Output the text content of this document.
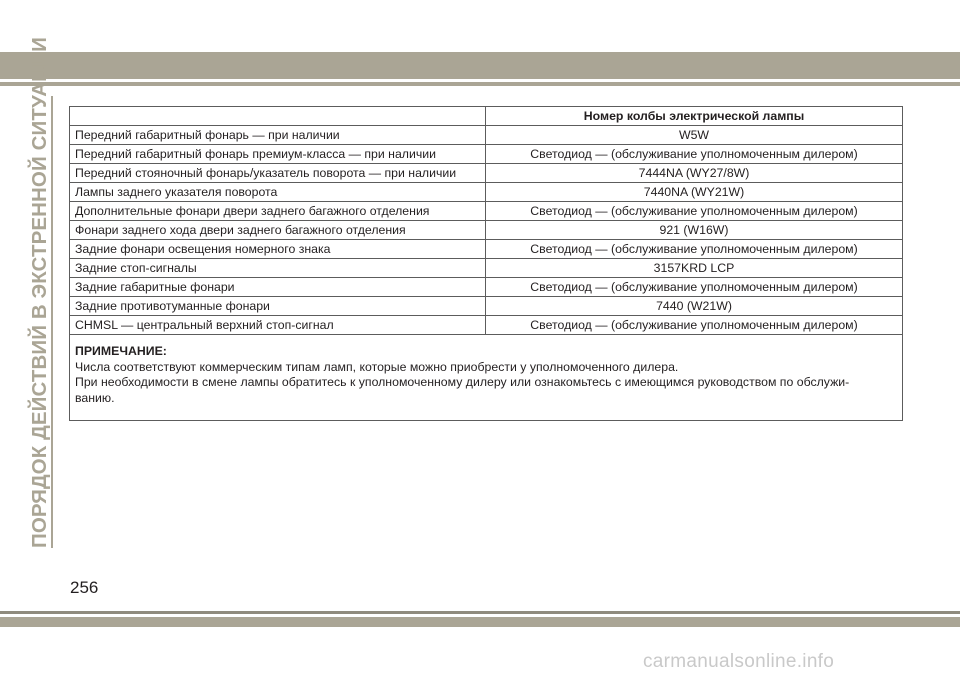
ПОРЯДОК ДЕЙСТВИЙ В ЭКСТРЕННОЙ СИТУАЦИИ
		Номер колбы электрической лампы
Передний габаритный фонарь — при наличии	W5W
Передний габаритный фонарь премиум-класса — при наличии	Светодиод — (обслуживание уполномоченным дилером)
Передний стояночный фонарь/указатель поворота — при наличии	7444NA (WY27/8W)
Лампы заднего указателя поворота	7440NA (WY21W)
Дополнительные фонари двери заднего багажного отделения	Светодиод — (обслуживание уполномоченным дилером)
Фонари заднего хода двери заднего багажного отделения	921 (W16W)
Задние фонари освещения номерного знака	Светодиод — (обслуживание уполномоченным дилером)
Задние стоп-сигналы	3157KRD LCP
Задние габаритные фонари	Светодиод — (обслуживание уполномоченным дилером)
Задние противотуманные фонари	7440 (W21W)
CHMSL — центральный верхний стоп-сигнал	Светодиод — (обслуживание уполномоченным дилером)

ПРИМЕЧАНИЕ:
Числа соответствуют коммерческим типам ламп, которые можно приобрести у уполномоченного дилера.
При необходимости в смене лампы обратитесь к уполномоченному дилеру или ознакомьтесь с имеющимся руководством по обслужи-
ванию.	
256
carmanualsonline.info
